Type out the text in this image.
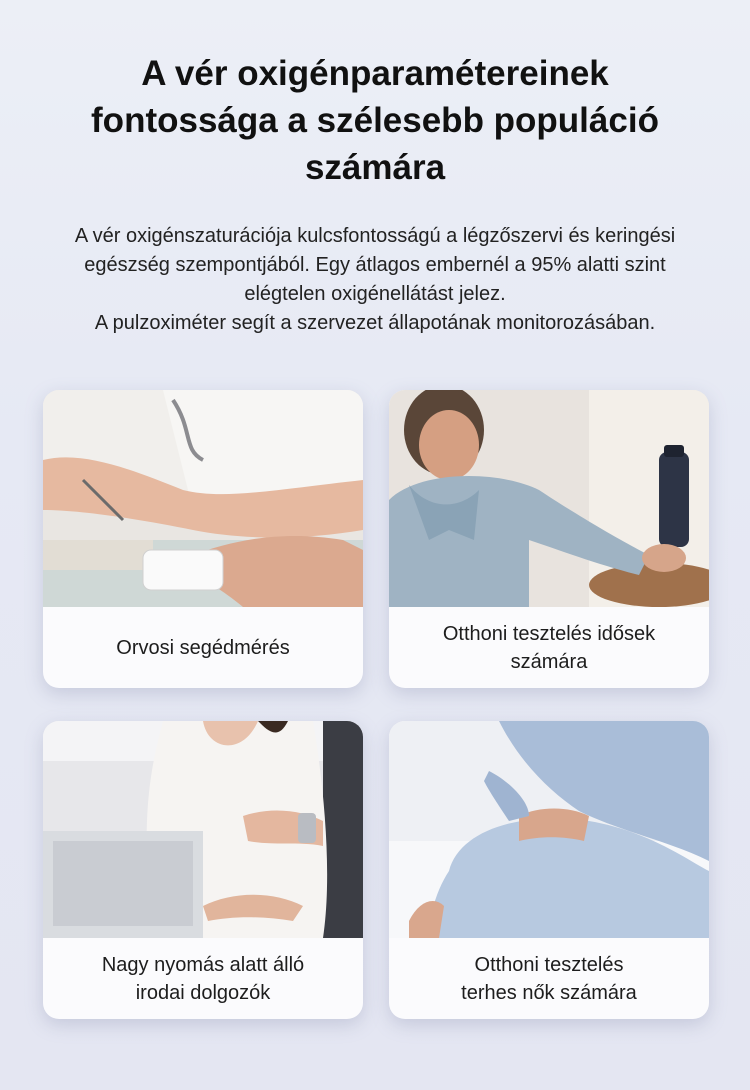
A vér oxigénparamétereinek
fontossága a szélesebb populáció
számára
A vér oxigénszaturációja kulcsfontosságú a légzőszervi és keringési
egészség szempontjából. Egy átlagos embernél a 95% alatti szint
elégtelen oxigénellátást jelez.
A pulzoximéter segít a szervezet állapotának monitorozásában.
Orvosi segédmérés
Otthoni tesztelés idősek
számára
Nagy nyomás alatt álló
irodai dolgozók
Otthoni tesztelés
terhes nők számára
